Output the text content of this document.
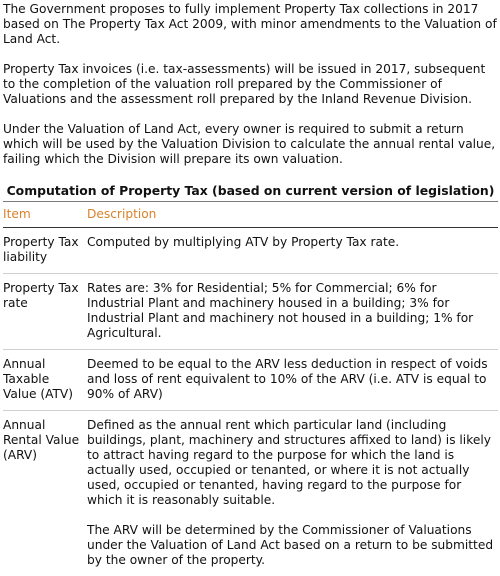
The Government proposes to fully implement Property Tax collections in 2017 based on The Property Tax Act 2009, with minor amendments to the Valuation of Land Act.

Property Tax invoices (i.e. tax-assessments) will be issued in 2017, subsequent to the completion of the valuation roll prepared by the Commissioner of Valuations and the assessment roll prepared by the Inland Revenue Division.

Under the Valuation of Land Act, every owner is required to submit a return which will be used by the Valuation Division to calculate the annual rental value, failing which the Division will prepare its own valuation.

Computation of Property Tax (based on current version of legislation)
Item	Description
Property Tax liability

Computed by multiplying ATV by Property Tax rate.

Property Tax rate

Rates are: 3% for Residential; 5% for Commercial; 6% for Industrial Plant and machinery housed in a building; 3% for Industrial Plant and machinery not housed in a building; 1% for Agricultural.

Annual Taxable Value (ATV)

Deemed to be equal to the ARV less deduction in respect of voids and loss of rent equivalent to 10% of the ARV (i.e. ATV is equal to 90% of ARV)

Annual Rental Value (ARV)

Defined as the annual rent which particular land (including buildings, plant, machinery and structures affixed to land) is likely to attract having regard to the purpose for which the land is actually used, occupied or tenanted, or where it is not actually used, occupied or tenanted, having regard to the purpose for which it is reasonably suitable.

The ARV will be determined by the Commissioner of Valuations under the Valuation of Land Act based on a return to be submitted by the owner of the property.
